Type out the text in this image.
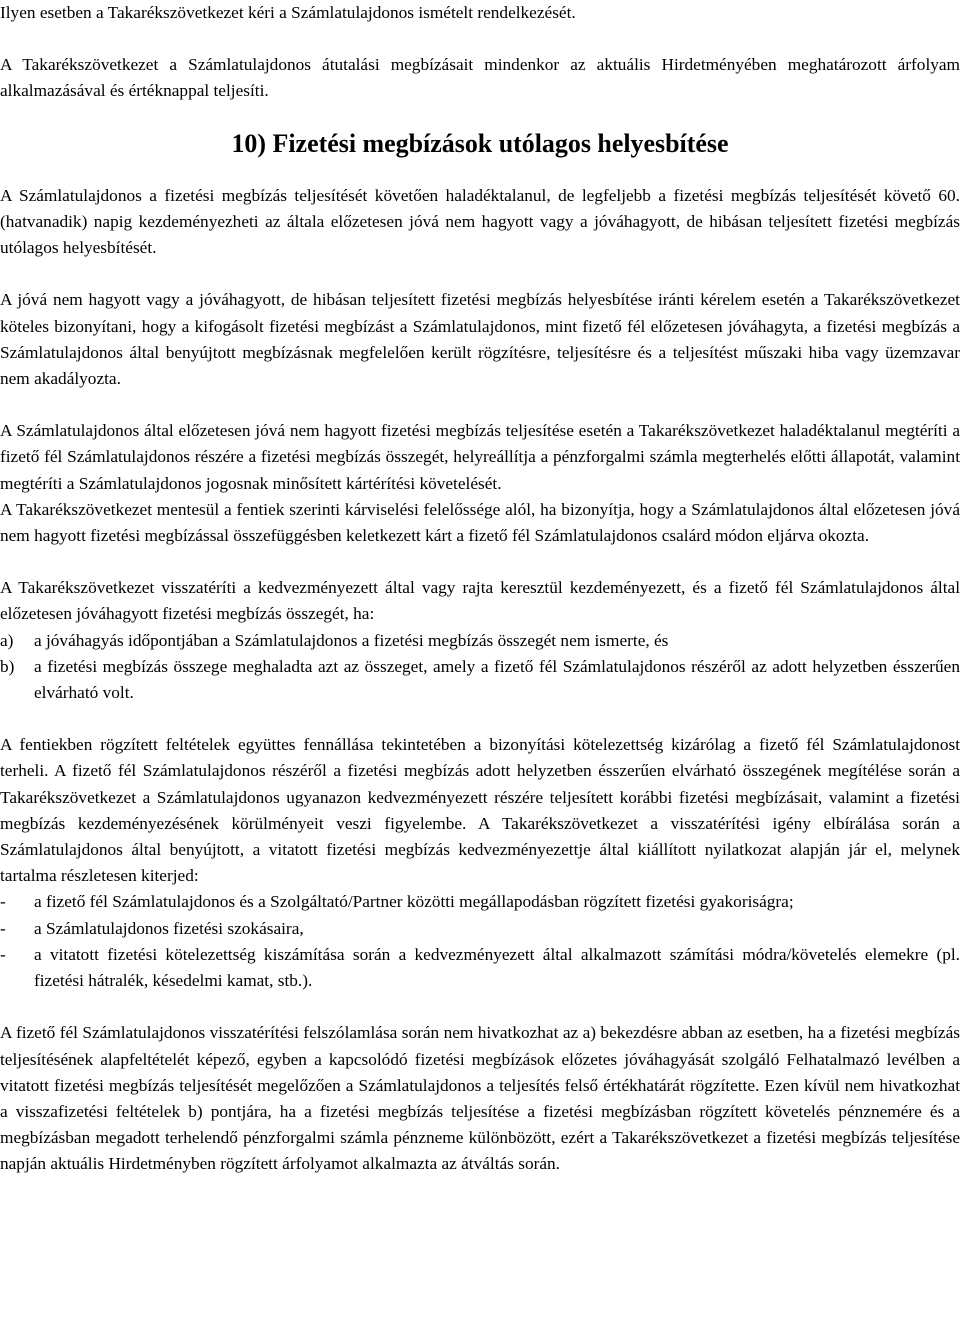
Ilyen esetben a Takarékszövetkezet kéri a Számlatulajdonos ismételt rendelkezését.

A Takarékszövetkezet a Számlatulajdonos átutalási megbízásait mindenkor az aktuális Hirdetményében meghatározott árfolyam alkalmazásával és értéknappal teljesíti.

10) Fizetési megbízások utólagos helyesbítése

A Számlatulajdonos a fizetési megbízás teljesítését követően haladéktalanul, de legfeljebb a fizetési megbízás teljesítését követő 60. (hatvanadik) napig kezdeményezheti az általa előzetesen jóvá nem hagyott vagy a jóváhagyott, de hibásan teljesített fizetési megbízás utólagos helyesbítését.

A jóvá nem hagyott vagy a jóváhagyott, de hibásan teljesített fizetési megbízás helyesbítése iránti kérelem esetén a Takarékszövetkezet köteles bizonyítani, hogy a kifogásolt fizetési megbízást a Számlatulajdonos, mint fizető fél előzetesen jóváhagyta, a fizetési megbízás a Számlatulajdonos által benyújtott megbízásnak megfelelően került rögzítésre, teljesítésre és a teljesítést műszaki hiba vagy üzemzavar nem akadályozta.

A Számlatulajdonos által előzetesen jóvá nem hagyott fizetési megbízás teljesítése esetén a Takarékszövetkezet haladéktalanul megtéríti a fizető fél Számlatulajdonos részére a fizetési megbízás összegét, helyreállítja a pénzforgalmi számla megterhelés előtti állapotát, valamint megtéríti a Számlatulajdonos jogosnak minősített kártérítési követelését.

A Takarékszövetkezet mentesül a fentiek szerinti kárviselési felelőssége alól, ha bizonyítja, hogy a Számlatulajdonos által előzetesen jóvá nem hagyott fizetési megbízással összefüggésben keletkezett kárt a fizető fél Számlatulajdonos csalárd módon eljárva okozta.

A Takarékszövetkezet visszatéríti a kedvezményezett által vagy rajta keresztül kezdeményezett, és a fizető fél Számlatulajdonos által előzetesen jóváhagyott fizetési megbízás összegét, ha:

a)	a jóváhagyás időpontjában a Számlatulajdonos a fizetési megbízás összegét nem ismerte, és
b)	a fizetési megbízás összege meghaladta azt az összeget, amely a fizető fél Számlatulajdonos részéről az adott helyzetben ésszerűen elvárható volt.

A fentiekben rögzített feltételek együttes fennállása tekintetében a bizonyítási kötelezettség kizárólag a fizető fél Számlatulajdonost terheli. A fizető fél Számlatulajdonos részéről a fizetési megbízás adott helyzetben ésszerűen elvárható összegének megítélése során a Takarékszövetkezet a Számlatulajdonos ugyanazon kedvezményezett részére teljesített korábbi fizetési megbízásait, valamint a fizetési megbízás kezdeményezésének körülményeit veszi figyelembe. A Takarékszövetkezet a visszatérítési igény elbírálása során a Számlatulajdonos által benyújtott, a vitatott fizetési megbízás kedvezményezettje által kiállított nyilatkozat alapján jár el, melynek tartalma részletesen kiterjed:

-	a fizető fél Számlatulajdonos és a Szolgáltató/Partner közötti megállapodásban rögzített fizetési gyakoriságra;
-	a Számlatulajdonos fizetési szokásaira,
-	a vitatott fizetési kötelezettség kiszámítása során a kedvezményezett által alkalmazott számítási módra/követelés elemekre (pl. fizetési hátralék, késedelmi kamat, stb.).

A fizető fél Számlatulajdonos visszatérítési felszólamlása során nem hivatkozhat az a) bekezdésre abban az esetben, ha a fizetési megbízás teljesítésének alapfeltételét képező, egyben a kapcsolódó fizetési megbízások előzetes jóváhagyását szolgáló Felhatalmazó levélben a vitatott fizetési megbízás teljesítését megelőzően a Számlatulajdonos a teljesítés felső értékhatárát rögzítette. Ezen kívül nem hivatkozhat a visszafizetési feltételek b) pontjára, ha a fizetési megbízás teljesítése a fizetési megbízásban rögzített követelés pénznemére és a megbízásban megadott terhelendő pénzforgalmi számla pénzneme különbözött, ezért a Takarékszövetkezet a fizetési megbízás teljesítése napján aktuális Hirdetményben rögzített árfolyamot alkalmazta az átváltás során.
